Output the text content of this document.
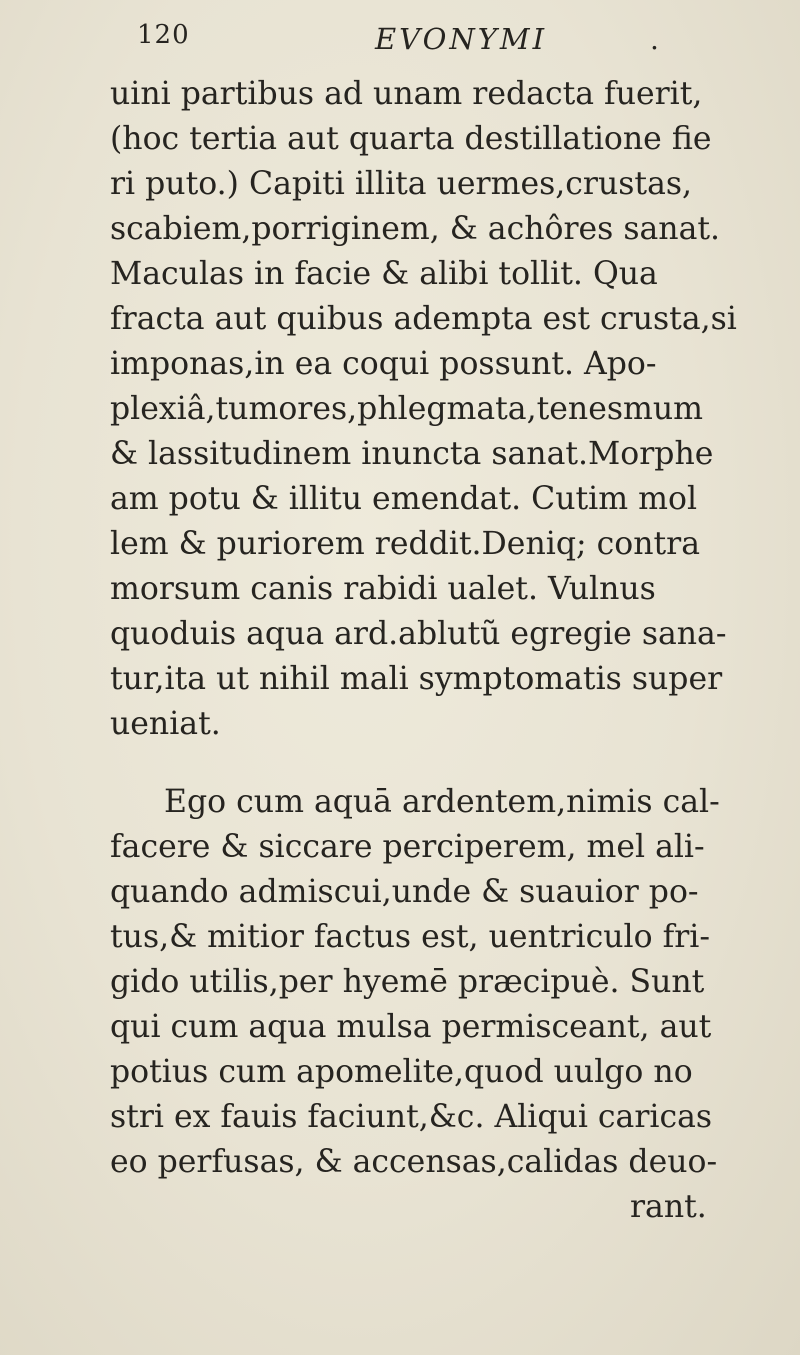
120	EVONYMI	.
uini partibus ad unam redacta fuerit,
(hoc tertia aut quarta destillatione fie
ri puto.) Capiti illita uermes,crustas,
scabiem,porriginem, & achôres sanat.
Maculas in facie & alibi tollit. Qua
fracta aut quibus adempta est crusta,si
imponas,in ea coqui possunt. Apo-
plexiâ,tumores,phlegmata,tenesmum
& lassitudinem inuncta sanat.Morphe
am potu & illitu emendat. Cutim mol
lem & puriorem reddit.Deniq; contra
morsum canis rabidi ualet. Vulnus
quoduis aqua ard.ablutũ egregie sana-
tur,ita ut nihil mali symptomatis super
ueniat.
Ego cum aquā ardentem,nimis cal-
facere & siccare perciperem, mel ali-
quando admiscui,unde & suauior po-
tus,& mitior factus est, uentriculo fri-
gido utilis,per hyemē præcipuè. Sunt
qui cum aqua mulsa permisceant, aut
potius cum apomelite,quod uulgo no
stri ex fauis faciunt,&c. Aliqui caricas
eo perfusas, & accensas,calidas deuo-
rant.
